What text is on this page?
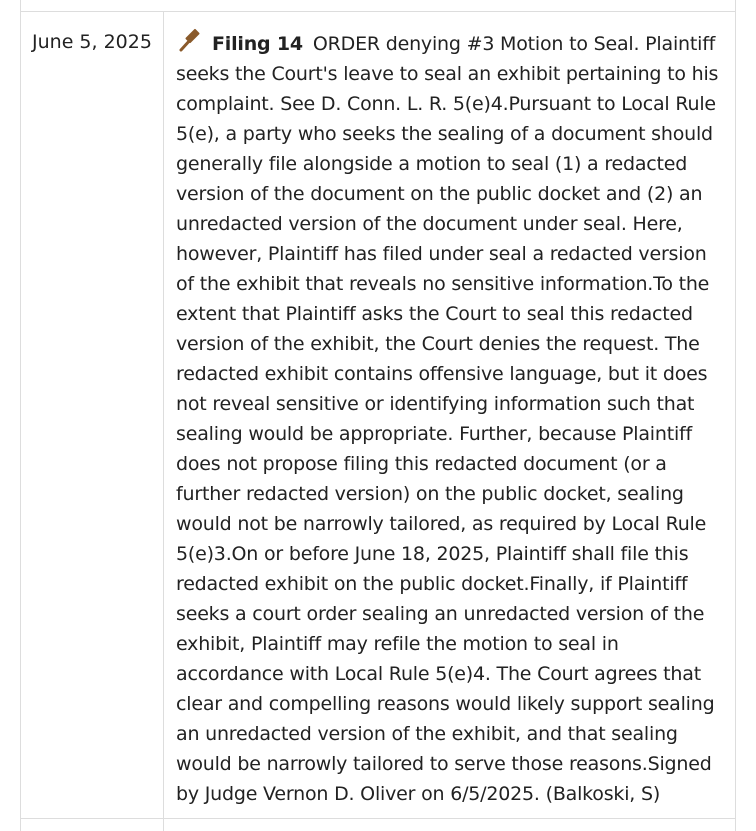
June 5, 2025	Filing 14 ORDER denying #3 Motion to Seal. Plaintiff seeks the Court's leave to seal an exhibit pertaining to his complaint. See D. Conn. L. R. 5(e)4.Pursuant to Local Rule 5(e), a party who seeks the sealing of a document should generally file alongside a motion to seal (1) a redacted version of the document on the public docket and (2) an unredacted version of the document under seal. Here, however, Plaintiff has filed under seal a redacted version of the exhibit that reveals no sensitive information.To the extent that Plaintiff asks the Court to seal this redacted version of the exhibit, the Court denies the request. The redacted exhibit contains offensive language, but it does not reveal sensitive or identifying information such that sealing would be appropriate. Further, because Plaintiff does not propose filing this redacted document (or a further redacted version) on the public docket, sealing would not be narrowly tailored, as required by Local Rule 5(e)3.On or before June 18, 2025, Plaintiff shall file this redacted exhibit on the public docket.Finally, if Plaintiff seeks a court order sealing an unredacted version of the exhibit, Plaintiff may refile the motion to seal in accordance with Local Rule 5(e)4. The Court agrees that clear and compelling reasons would likely support sealing an unredacted version of the exhibit, and that sealing would be narrowly tailored to serve those reasons.Signed by Judge Vernon D. Oliver on 6/5/2025. (Balkoski, S)
